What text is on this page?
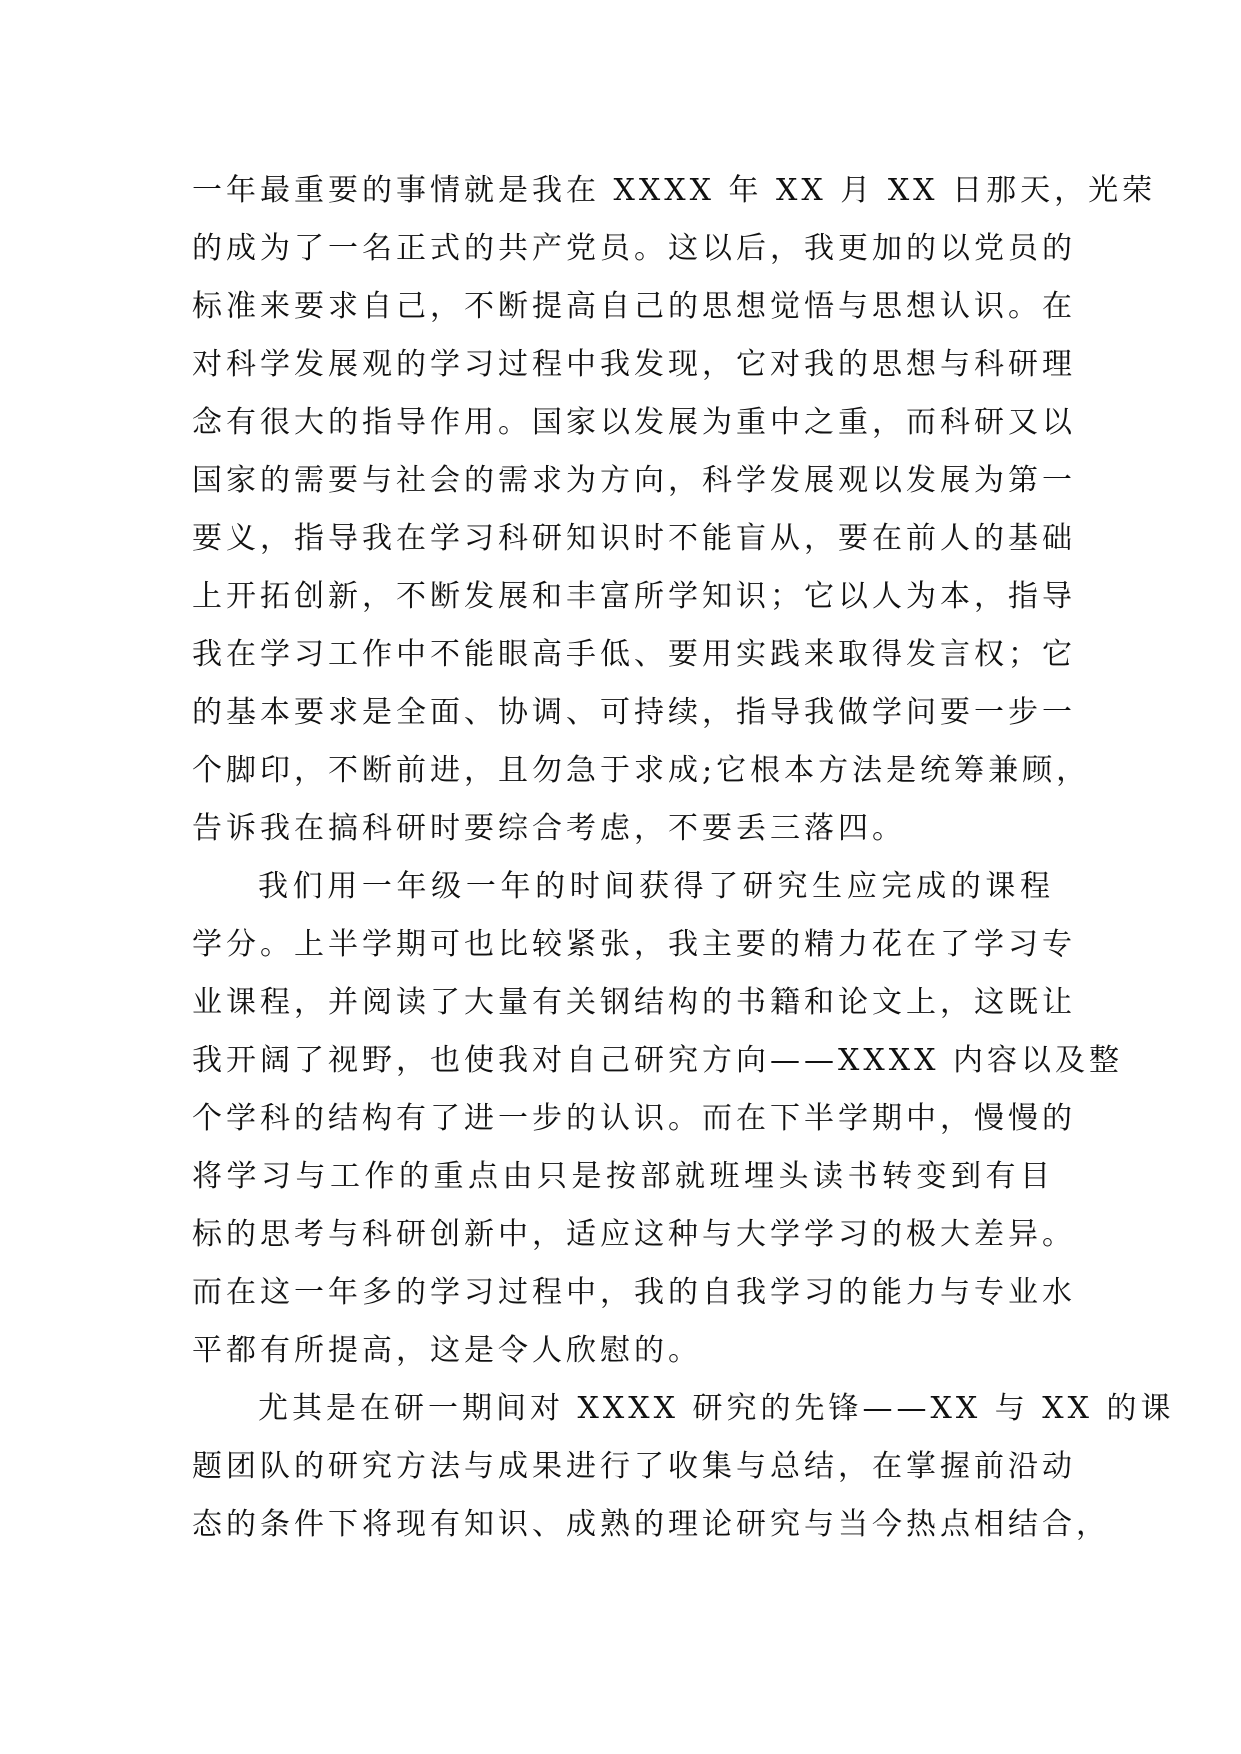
一年最重要的事情就是我在 XXXX 年 XX 月 XX 日那天，光荣
的成为了一名正式的共产党员。这以后，我更加的以党员的
标准来要求自己，不断提高自己的思想觉悟与思想认识。在
对科学发展观的学习过程中我发现，它对我的思想与科研理
念有很大的指导作用。国家以发展为重中之重，而科研又以
国家的需要与社会的需求为方向，科学发展观以发展为第一
要义，指导我在学习科研知识时不能盲从，要在前人的基础
上开拓创新，不断发展和丰富所学知识；它以人为本，指导
我在学习工作中不能眼高手低、要用实践来取得发言权；它
的基本要求是全面、协调、可持续，指导我做学问要一步一
个脚印，不断前进，且勿急于求成;它根本方法是统筹兼顾，
告诉我在搞科研时要综合考虑，不要丢三落四。
我们用一年级一年的时间获得了研究生应完成的课程
学分。上半学期可也比较紧张，我主要的精力花在了学习专
业课程，并阅读了大量有关钢结构的书籍和论文上，这既让
我开阔了视野，也使我对自己研究方向——XXXX 内容以及整
个学科的结构有了进一步的认识。而在下半学期中，慢慢的
将学习与工作的重点由只是按部就班埋头读书转变到有目
标的思考与科研创新中，适应这种与大学学习的极大差异。
而在这一年多的学习过程中，我的自我学习的能力与专业水
平都有所提高，这是令人欣慰的。
尤其是在研一期间对 XXXX 研究的先锋——XX 与 XX 的课
题团队的研究方法与成果进行了收集与总结，在掌握前沿动
态的条件下将现有知识、成熟的理论研究与当今热点相结合，
